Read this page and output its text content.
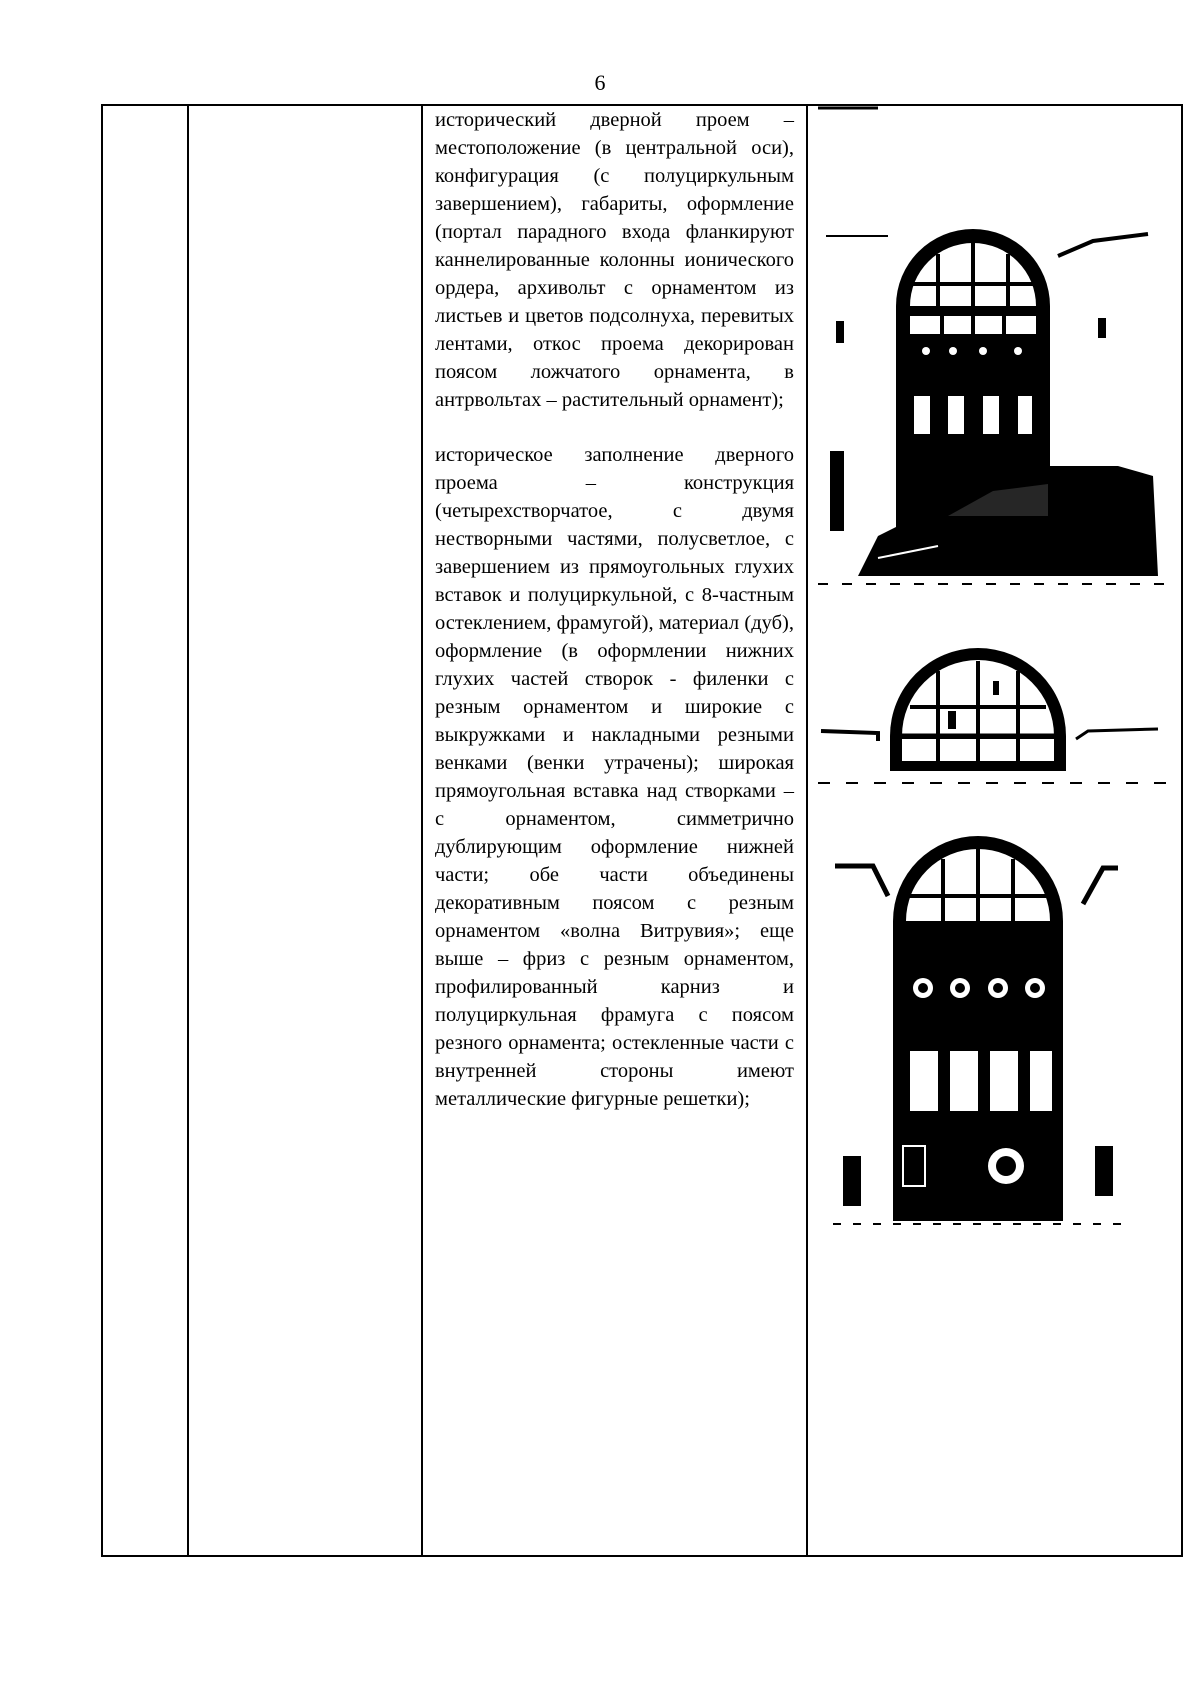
6

исторический дверной проем – местоположение (в центральной оси), конфигурация (с полуциркульным завершением), габариты, оформление (портал парадного входа фланкируют каннелированные колонны ионического ордера, архивольт с орнаментом из листьев и цветов подсолнуха, перевитых лентами, откос проема декорирован поясом ложчатого орнамента, в антрвольтах – растительный орнамент);

историческое заполнение дверного проема – конструкция (четырехстворчатое, с двумя нестворными частями, полусветлое, с завершением из прямоугольных глухих вставок и полуциркульной, с 8-частным остеклением, фрамугой), материал (дуб), оформление (в оформлении нижних глухих частей створок - филенки с резным орнаментом и широкие с выкружками и накладными резными венками (венки утрачены); широкая прямоугольная вставка над створками – с орнаментом, симметрично дублирующим оформление нижней части; обе части объединены декоративным поясом с резным орнаментом «волна Витрувия»; еще выше – фриз с резным орнаментом, профилированный карниз и полуциркульная фрамуга с поясом резного орнамента; остекленные части с внутренней стороны имеют металлические фигурные решетки);
